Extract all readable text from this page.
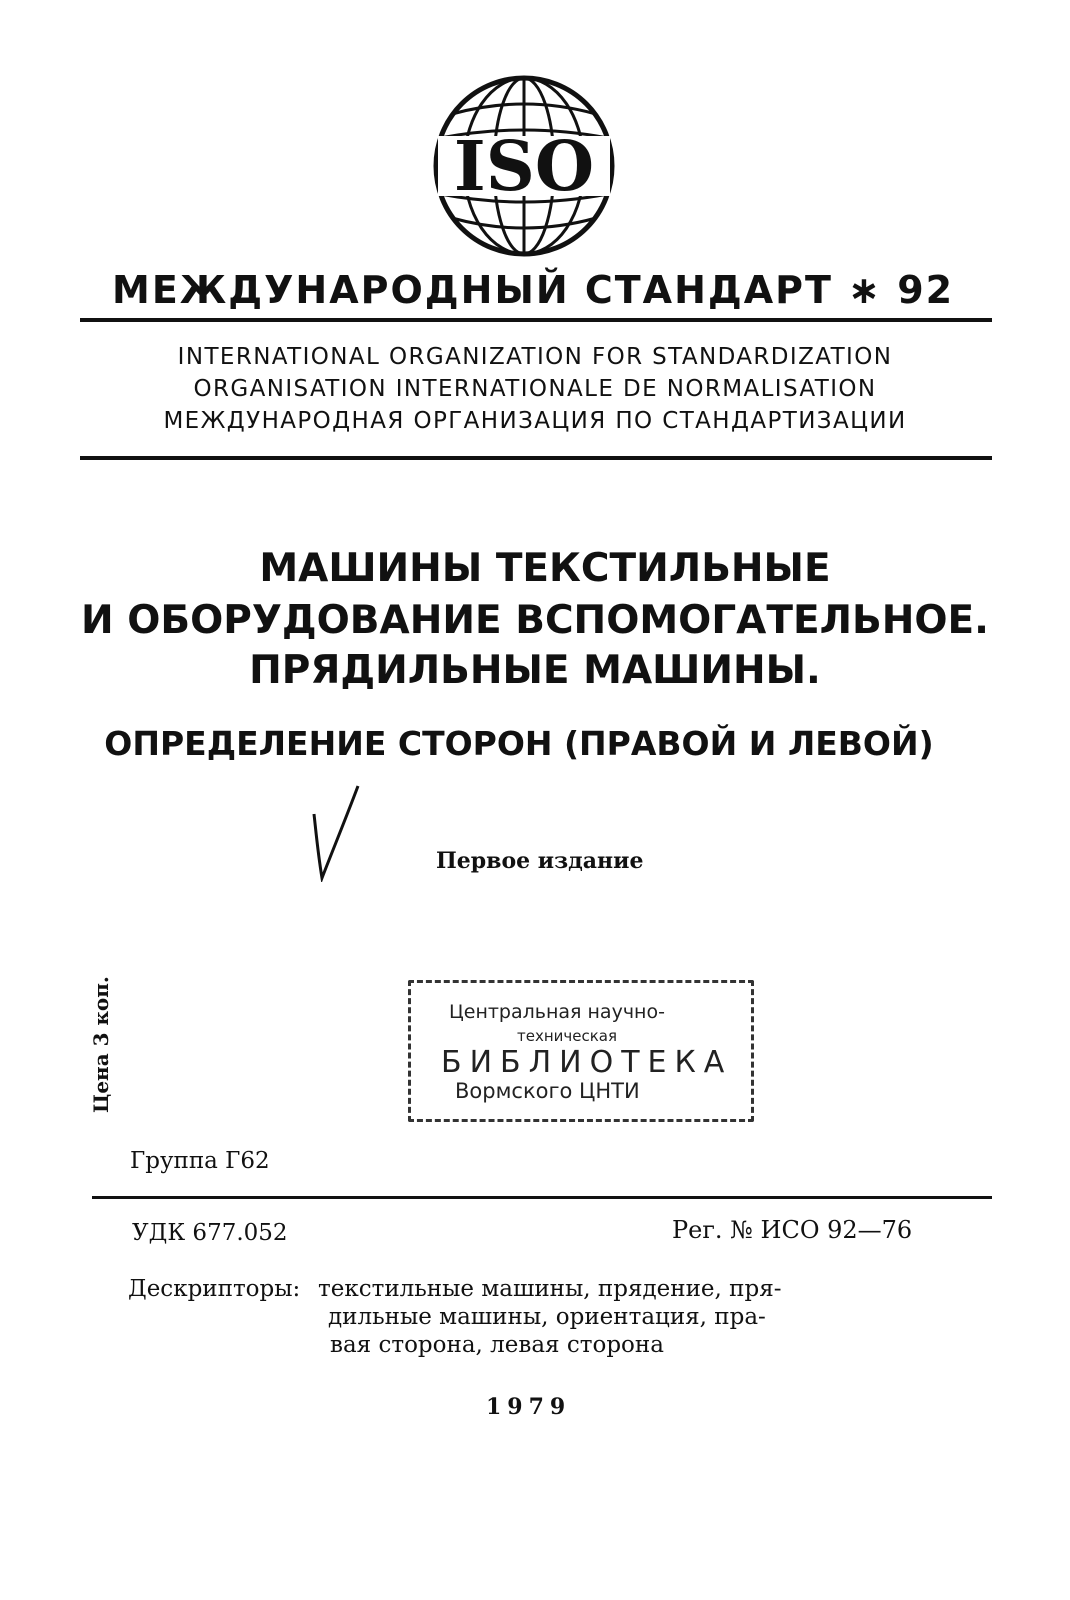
ISO
МЕЖДУНАРОДНЫЙ СТАНДАРТ ∗ 92
INTERNATIONAL ORGANIZATION FOR STANDARDIZATION
ORGANISATION INTERNATIONALE DE NORMALISATION
МЕЖДУНАРОДНАЯ ОРГАНИЗАЦИЯ ПО СТАНДАРТИЗАЦИИ
МАШИНЫ ТЕКСТИЛЬНЫЕ
И ОБОРУДОВАНИЕ ВСПОМОГАТЕЛЬНОЕ.
ПРЯДИЛЬНЫЕ МАШИНЫ.
ОПРЕДЕЛЕНИЕ СТОРОН (ПРАВОЙ И ЛЕВОЙ)
Первое издание
Центральная научно-
техническая
БИБЛИОТЕКА
Вормского ЦНТИ
Цена 3 коп.
Группа Г62
УДК 677.052	Рег. № ИСО 92—76
Дескрипторы: текстильные машины, прядение, пря-
дильные машины, ориентация, пра-
вая сторона, левая сторона
1979
